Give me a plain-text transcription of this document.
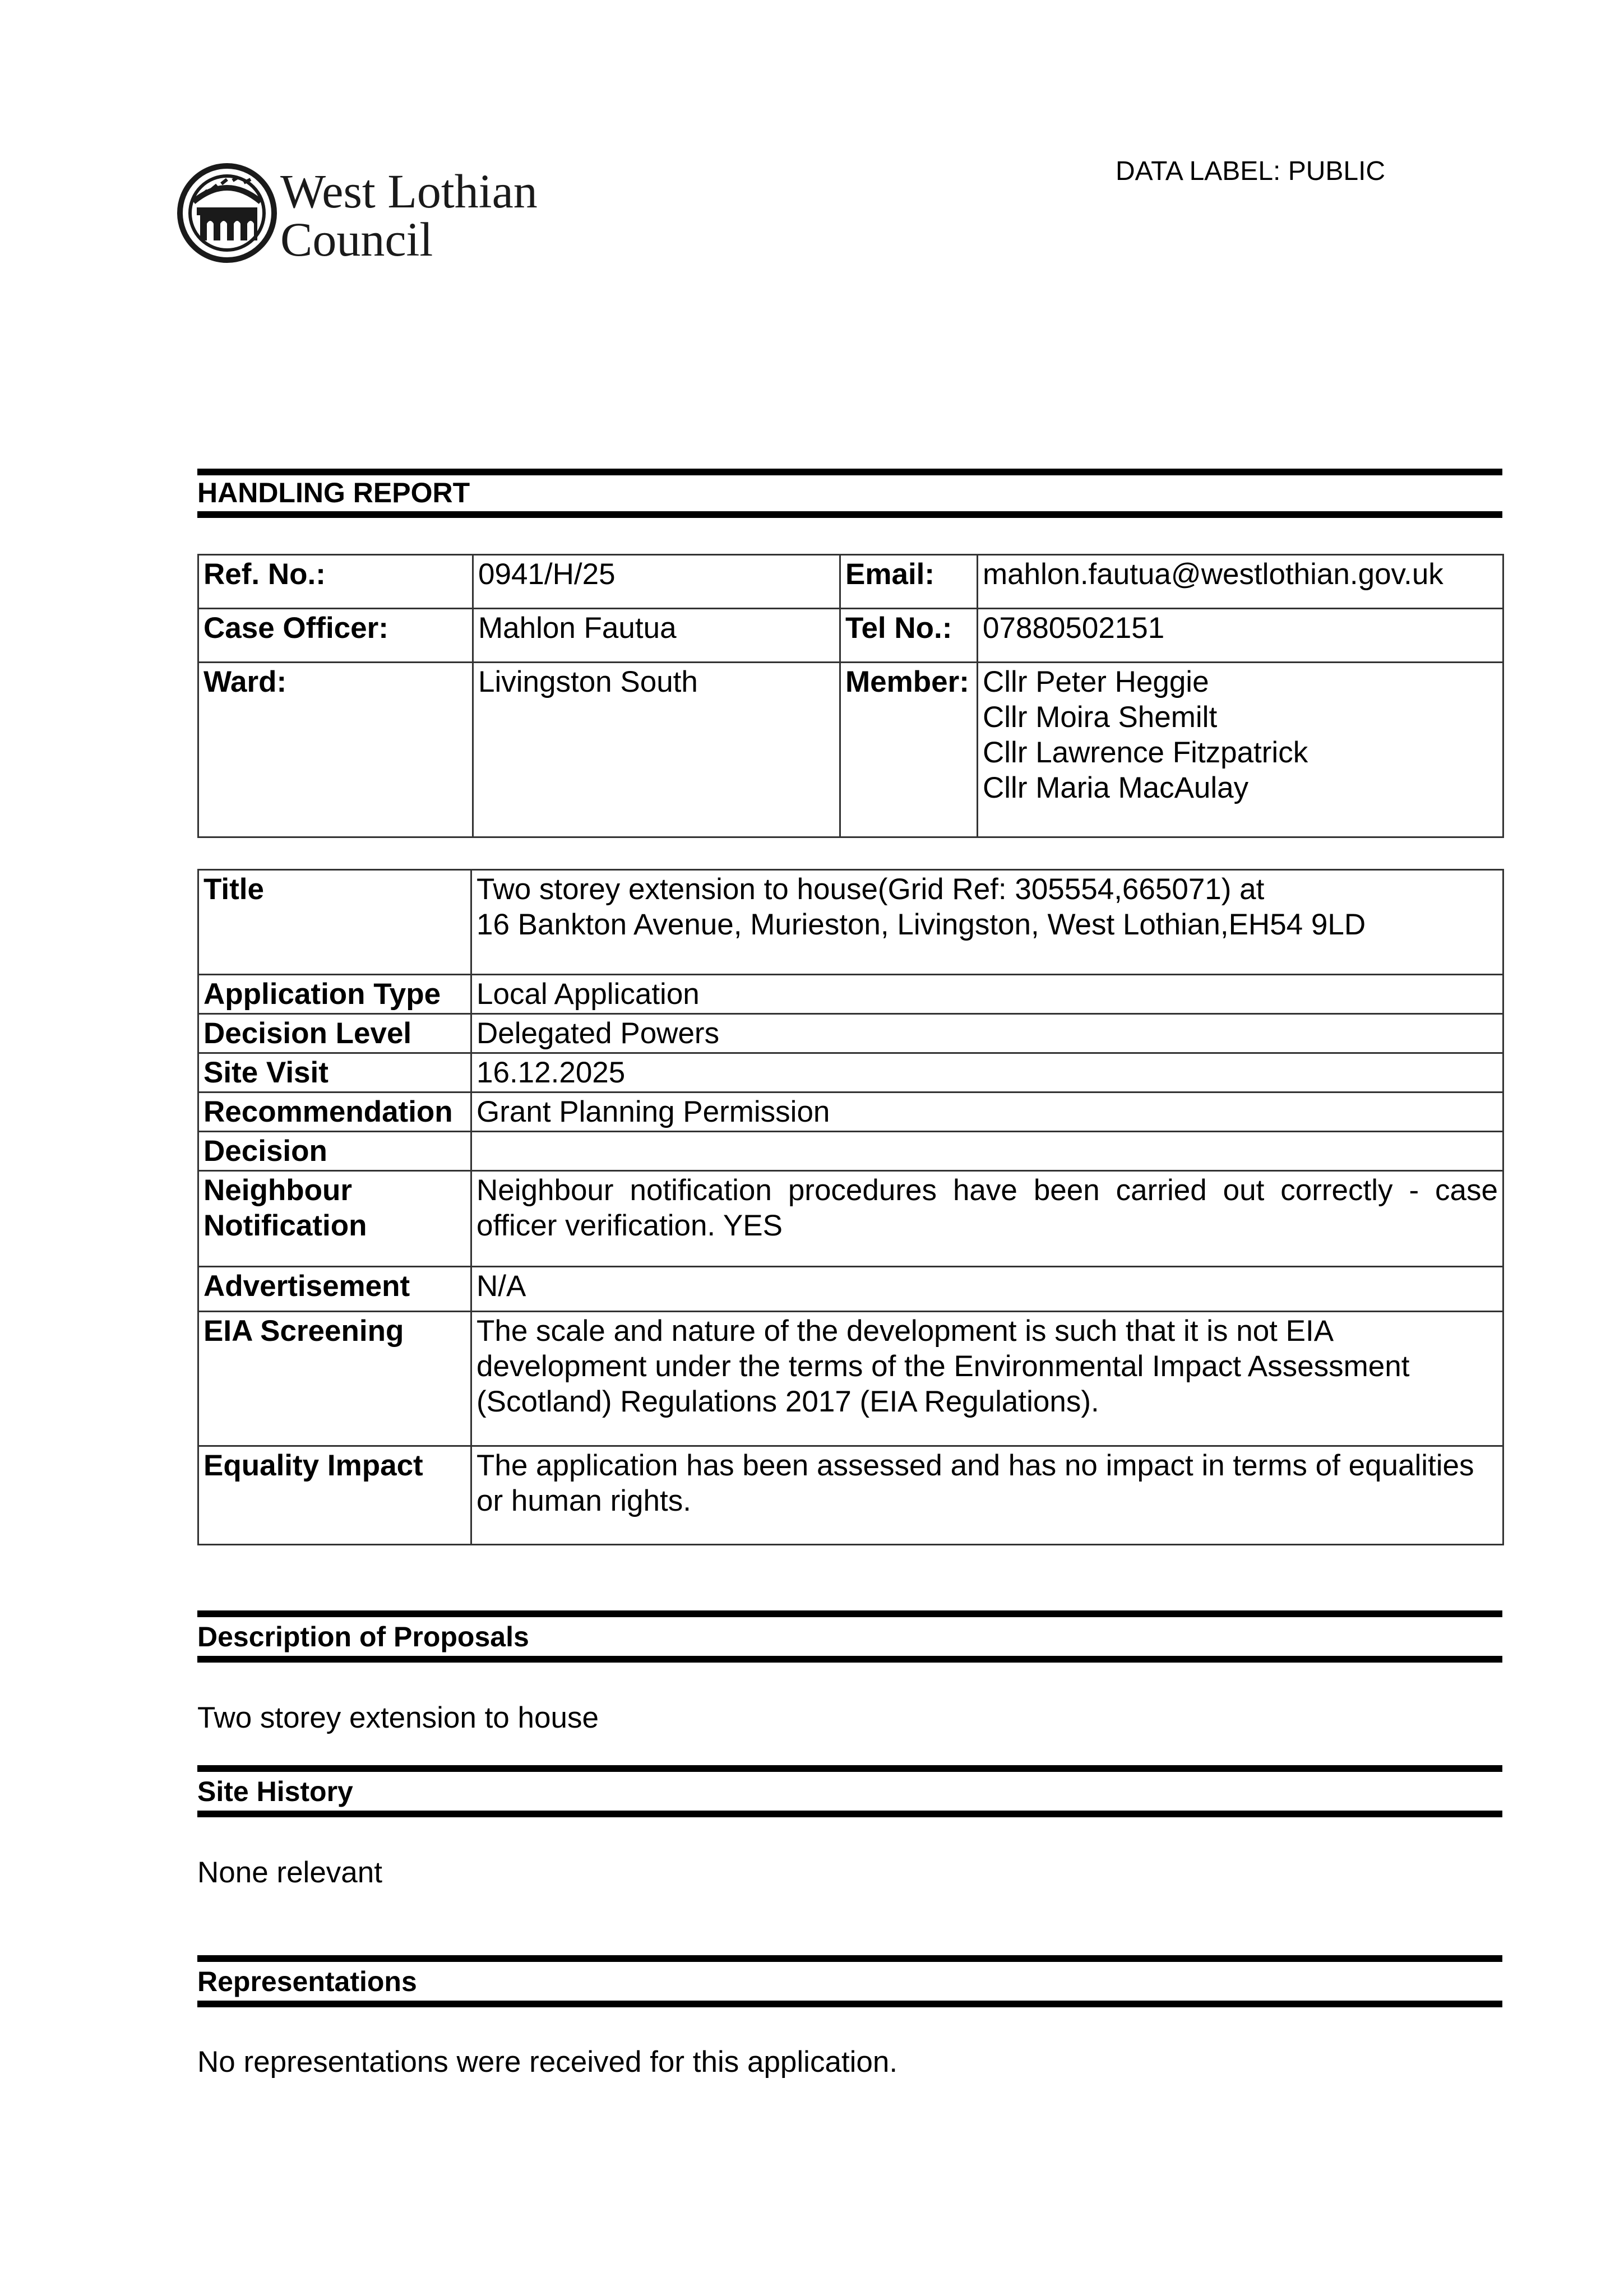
West Lothian
Council
DATA LABEL: PUBLIC
HANDLING REPORT
Ref. No.:	0941/H/25	Email:	mahlon.fautua@westlothian.gov.uk
Case Officer:	Mahlon Fautua	Tel No.:	07880502151
Ward:	Livingston South	Member:	Cllr Peter Heggie
Cllr Moira Shemilt
Cllr Lawrence Fitzpatrick
Cllr Maria MacAulay
Title	Two storey extension to house(Grid Ref: 305554,665071) at
16 Bankton Avenue, Murieston, Livingston, West Lothian,EH54 9LD

Application Type	Local Application
Decision Level	Delegated Powers
Site Visit	16.12.2025
Recommendation	Grant Planning Permission
Decision	

Neighbour
Notification	Neighbour notification procedures have been carried out correctly - case officer verification. YES
Advertisement	N/A
EIA Screening	The scale and nature of the development is such that it is not EIA development under the terms of the Environmental Impact Assessment (Scotland) Regulations 2017 (EIA Regulations).
Equality Impact	The application has been assessed and has no impact in terms of equalities or human rights.
Description of Proposals
Two storey extension to house
Site History
None relevant
Representations
No representations were received for this application.
